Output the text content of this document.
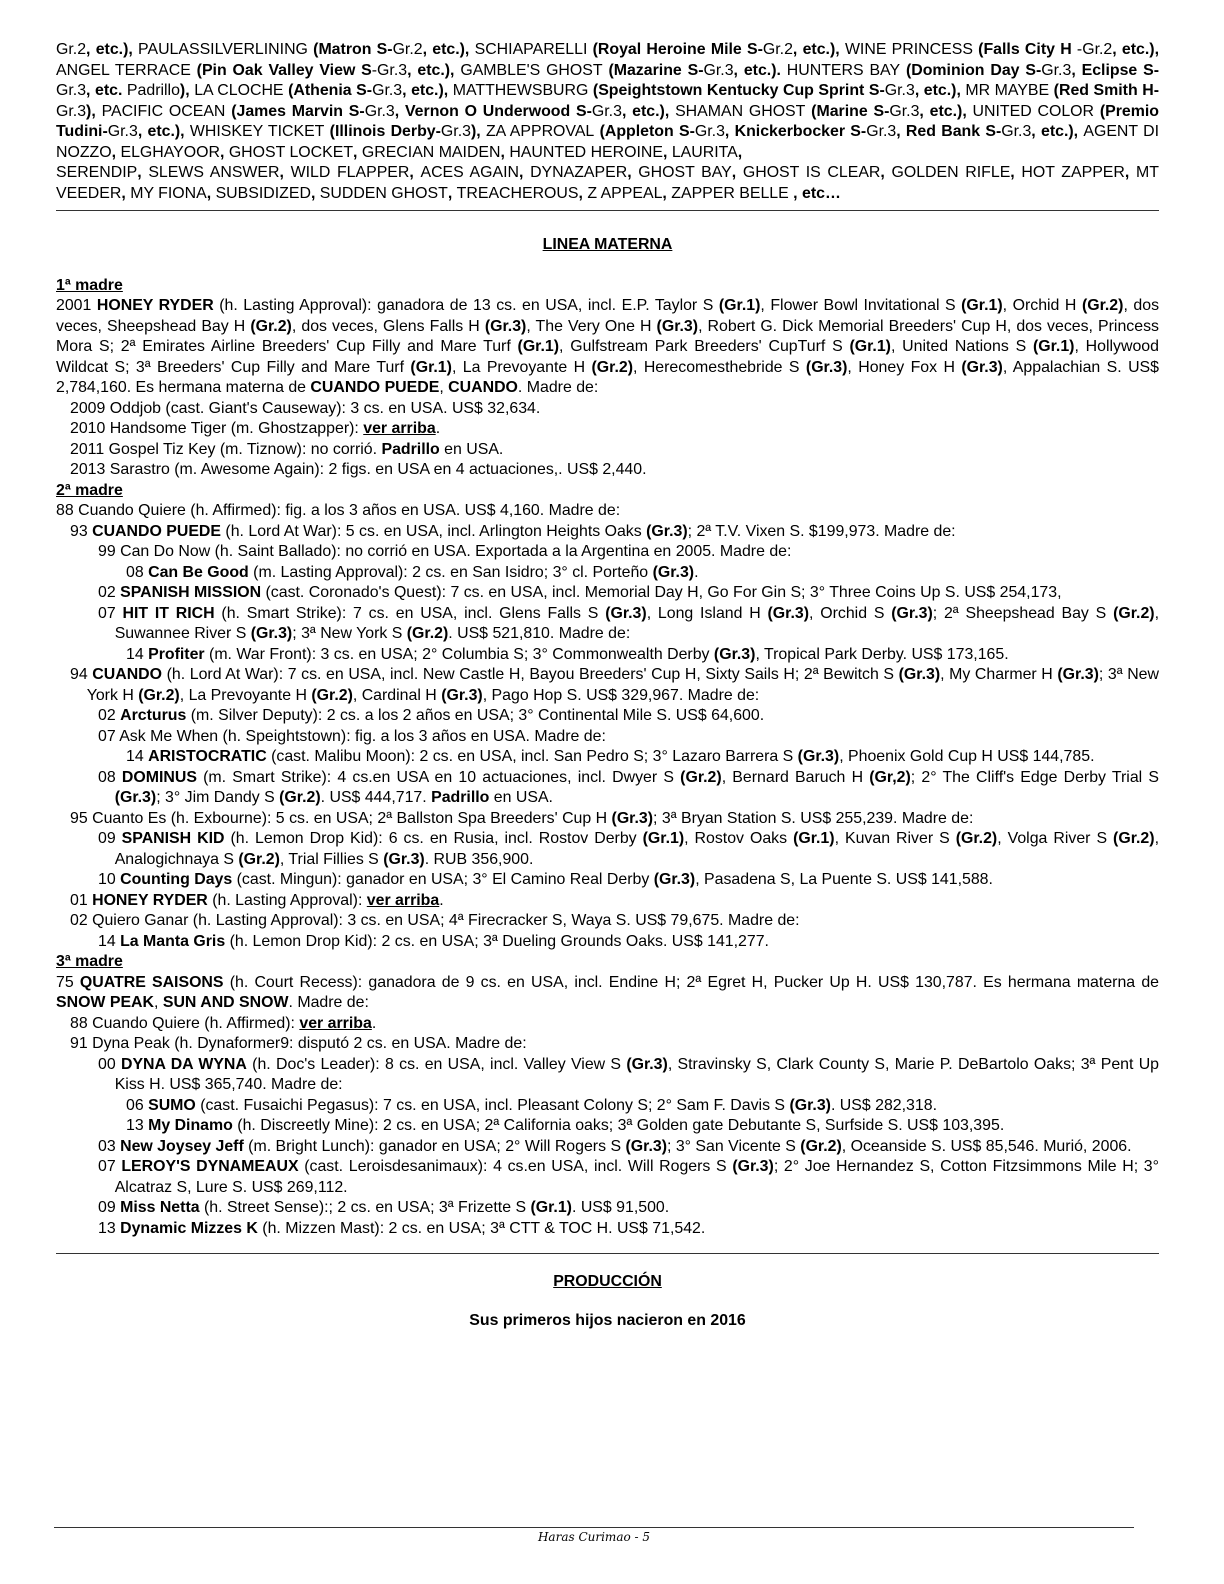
Gr.2, etc.), PAULASSILVERLINING (Matron S-Gr.2, etc.), SCHIAPARELLI (Royal Heroine Mile S-Gr.2, etc.), WINE PRINCESS (Falls City H -Gr.2, etc.), ANGEL TERRACE (Pin Oak Valley View S-Gr.3, etc.), GAMBLE'S GHOST (Mazarine S-Gr.3, etc.). HUNTERS BAY (Dominion Day S-Gr.3, Eclipse S-Gr.3, etc. Padrillo), LA CLOCHE (Athenia S-Gr.3, etc.), MATTHEWSBURG (Speightstown Kentucky Cup Sprint S-Gr.3, etc.), MR MAYBE (Red Smith H-Gr.3), PACIFIC OCEAN (James Marvin S-Gr.3, Vernon O Underwood S-Gr.3, etc.), SHAMAN GHOST (Marine S-Gr.3, etc.), UNITED COLOR (Premio Tudini-Gr.3, etc.), WHISKEY TICKET (Illinois Derby-Gr.3), ZA APPROVAL (Appleton S-Gr.3, Knickerbocker S-Gr.3, Red Bank S-Gr.3, etc.), AGENT DI NOZZO, ELGHAYOOR, GHOST LOCKET, GRECIAN MAIDEN, HAUNTED HEROINE, LAURITA,
SERENDIP, SLEWS ANSWER, WILD FLAPPER, ACES AGAIN, DYNAZAPER, GHOST BAY, GHOST IS CLEAR, GOLDEN RIFLE, HOT ZAPPER, MT VEEDER, MY FIONA, SUBSIDIZED, SUDDEN GHOST, TREACHEROUS, Z APPEAL, ZAPPER BELLE , etc…
LINEA MATERNA
1ª madre
2001 HONEY RYDER (h. Lasting Approval): ganadora de 13 cs. en USA, incl. E.P. Taylor S (Gr.1), Flower Bowl Invitational S (Gr.1), Orchid H (Gr.2), dos veces, Sheepshead Bay H (Gr.2), dos veces, Glens Falls H (Gr.3), The Very One H (Gr.3), Robert G. Dick Memorial Breeders' Cup H, dos veces, Princess Mora S; 2ª Emirates Airline Breeders' Cup Filly and Mare Turf (Gr.1), Gulfstream Park Breeders' CupTurf S (Gr.1), United Nations S (Gr.1), Hollywood Wildcat S; 3ª Breeders' Cup Filly and Mare Turf (Gr.1), La Prevoyante H (Gr.2), Herecomesthebride S (Gr.3), Honey Fox H (Gr.3), Appalachian S. US$ 2,784,160. Es hermana materna de CUANDO PUEDE, CUANDO. Madre de:
2009 Oddjob (cast. Giant's Causeway): 3 cs. en USA. US$ 32,634.
2010 Handsome Tiger (m. Ghostzapper): ver arriba.
2011 Gospel Tiz Key (m. Tiznow): no corrió. Padrillo en USA.
2013 Sarastro (m. Awesome Again): 2 figs. en USA en 4 actuaciones,. US$ 2,440.
2ª madre
88 Cuando Quiere (h. Affirmed): fig. a los 3 años en USA. US$ 4,160. Madre de:
93 CUANDO PUEDE (h. Lord At War): 5 cs. en USA, incl. Arlington Heights Oaks (Gr.3); 2ª T.V. Vixen S. $199,973. Madre de:
99 Can Do Now (h. Saint Ballado): no corrió en USA. Exportada a la Argentina en 2005. Madre de:
08 Can Be Good (m. Lasting Approval): 2 cs. en San Isidro; 3° cl. Porteño (Gr.3).
02 SPANISH MISSION (cast. Coronado's Quest): 7 cs. en USA, incl. Memorial Day H, Go For Gin S; 3° Three Coins Up S. US$ 254,173,
07 HIT IT RICH (h. Smart Strike): 7 cs. en USA, incl. Glens Falls S (Gr.3), Long Island H (Gr.3), Orchid S (Gr.3); 2ª Sheepshead Bay S (Gr.2), Suwannee River S (Gr.3); 3ª New York S (Gr.2). US$ 521,810. Madre de:
14 Profiter (m. War Front): 3 cs. en USA; 2° Columbia S; 3° Commonwealth Derby (Gr.3), Tropical Park Derby. US$ 173,165.
94 CUANDO (h. Lord At War): 7 cs. en USA, incl. New Castle H, Bayou Breeders' Cup H, Sixty Sails H; 2ª Bewitch S (Gr.3), My Charmer H (Gr.3); 3ª New York H (Gr.2), La Prevoyante H (Gr.2), Cardinal H (Gr.3), Pago Hop S. US$ 329,967. Madre de:
02 Arcturus (m. Silver Deputy): 2 cs. a los 2 años en USA; 3° Continental Mile S. US$ 64,600.
07 Ask Me When (h. Speightstown): fig. a los 3 años en USA. Madre de:
14 ARISTOCRATIC (cast. Malibu Moon): 2 cs. en USA, incl. San Pedro S; 3° Lazaro Barrera S (Gr.3), Phoenix Gold Cup H US$ 144,785.
08 DOMINUS (m. Smart Strike): 4 cs.en USA en 10 actuaciones, incl. Dwyer S (Gr.2), Bernard Baruch H (Gr,2); 2° The Cliff's Edge Derby Trial S (Gr.3); 3° Jim Dandy S (Gr.2). US$ 444,717. Padrillo en USA.
95 Cuanto Es (h. Exbourne): 5 cs. en USA; 2ª Ballston Spa Breeders' Cup H (Gr.3); 3ª Bryan Station S. US$ 255,239. Madre de:
09 SPANISH KID (h. Lemon Drop Kid): 6 cs. en Rusia, incl. Rostov Derby (Gr.1), Rostov Oaks (Gr.1), Kuvan River S (Gr.2), Volga River S (Gr.2), Analogichnaya S (Gr.2), Trial Fillies S (Gr.3). RUB 356,900.
10 Counting Days (cast. Mingun): ganador en USA; 3° El Camino Real Derby (Gr.3), Pasadena S, La Puente S. US$ 141,588.
01 HONEY RYDER (h. Lasting Approval): ver arriba.
02 Quiero Ganar (h. Lasting Approval): 3 cs. en USA; 4ª Firecracker S, Waya S. US$ 79,675. Madre de:
14 La Manta Gris (h. Lemon Drop Kid): 2 cs. en USA; 3ª Dueling Grounds Oaks. US$ 141,277.
3ª madre
75 QUATRE SAISONS (h. Court Recess): ganadora de 9 cs. en USA, incl. Endine H; 2ª Egret H, Pucker Up H. US$ 130,787. Es hermana materna de SNOW PEAK, SUN AND SNOW. Madre de:
88 Cuando Quiere (h. Affirmed): ver arriba.
91 Dyna Peak (h. Dynaformer9: disputó 2 cs. en USA. Madre de:
00 DYNA DA WYNA (h. Doc's Leader): 8 cs. en USA, incl. Valley View S (Gr.3), Stravinsky S, Clark County S, Marie P. DeBartolo Oaks; 3ª Pent Up Kiss H. US$ 365,740. Madre de:
06 SUMO (cast. Fusaichi Pegasus): 7 cs. en USA, incl. Pleasant Colony S; 2° Sam F. Davis S (Gr.3). US$ 282,318.
13 My Dinamo (h. Discreetly Mine): 2 cs. en USA; 2ª California oaks; 3ª Golden gate Debutante S, Surfside S. US$ 103,395.
03 New Joysey Jeff (m. Bright Lunch): ganador en USA; 2° Will Rogers S (Gr.3); 3° San Vicente S (Gr.2), Oceanside S. US$ 85,546. Murió, 2006.
07 LEROY'S DYNAMEAUX (cast. Leroisdesanimaux): 4 cs.en USA, incl. Will Rogers S (Gr.3); 2° Joe Hernandez S, Cotton Fitzsimmons Mile H; 3° Alcatraz S, Lure S. US$ 269,112.
09 Miss Netta (h. Street Sense):; 2 cs. en USA; 3ª Frizette S (Gr.1). US$ 91,500.
13 Dynamic Mizzes K (h. Mizzen Mast): 2 cs. en USA; 3ª CTT & TOC H. US$ 71,542.
PRODUCCIÓN
Sus primeros hijos nacieron en 2016
Haras Curimao - 5
